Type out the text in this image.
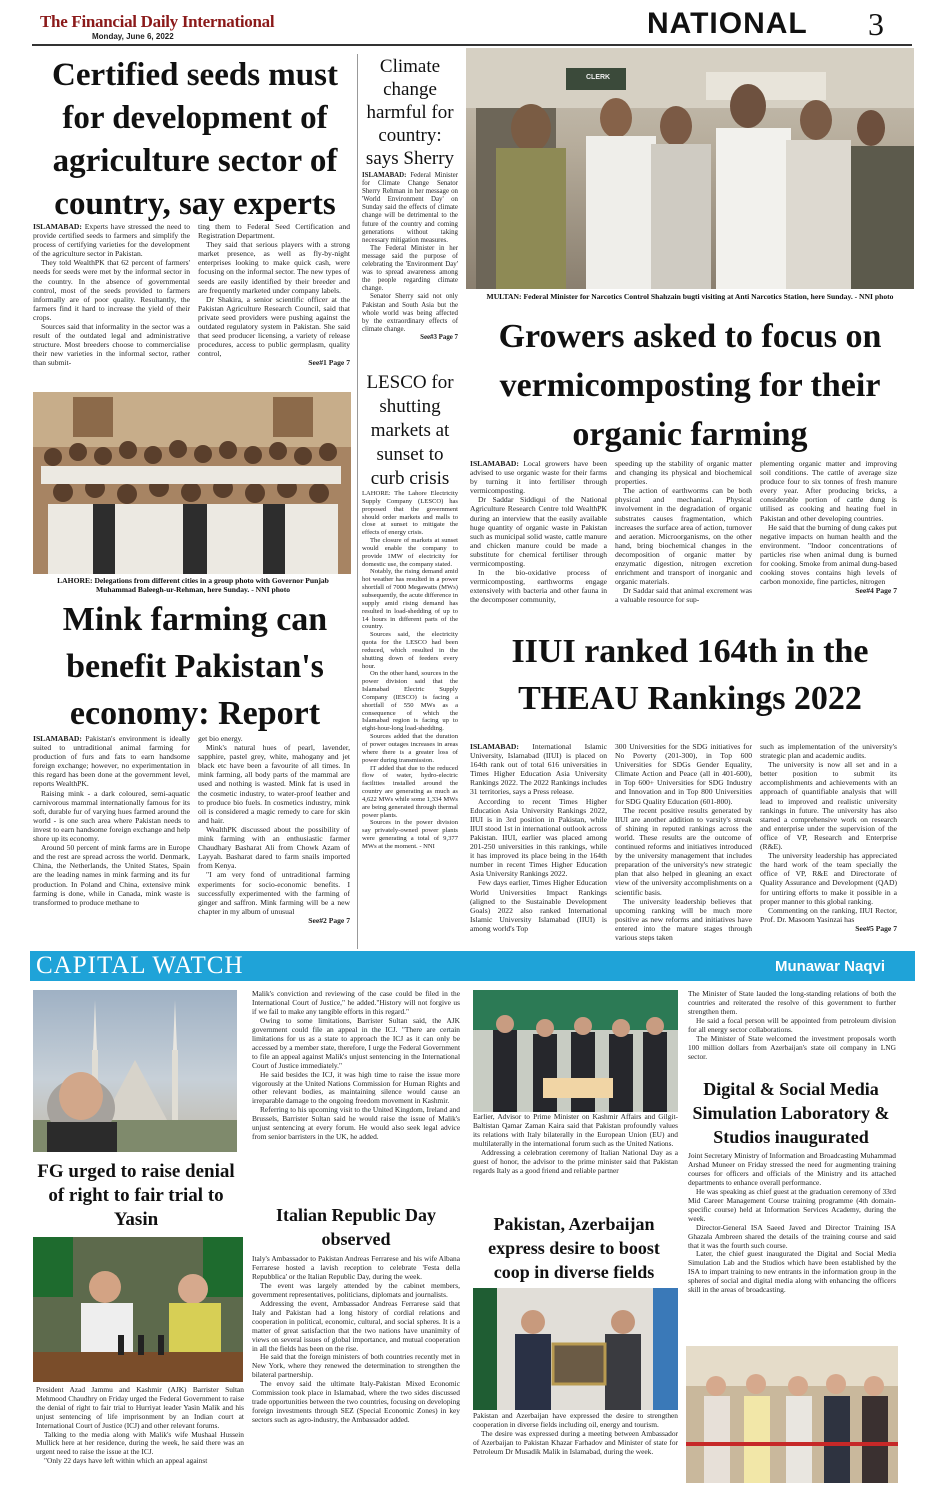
The Financial Daily International
Monday, June 6, 2022	NATIONAL 3
Certified seeds must for development of agriculture sector of country, say experts

ISLAMABAD: Experts have stressed the need to provide certified seeds to farmers and simplify the process of certifying varieties for the development of the agriculture sector in Pakistan.

They told WealthPK that 62 percent of farmers' needs for seeds were met by the informal sector in the country. In the absence of governmental control, most of the seeds provided to farmers informally are of poor quality. Resultantly, the farmers find it hard to increase the yield of their crops.

Sources said that informality in the sector was a result of the outdated legal and administrative structure. Most breeders choose to commercialise their new varieties in the informal sector, rather than submit-

ting them to Federal Seed Certification and Registration Department.

They said that serious players with a strong market presence, as well as fly-by-night enterprises looking to make quick cash, were focusing on the informal sector. The new types of seeds are easily identified by their breeder and are frequently marketed under company labels.

Dr Shakira, a senior scientific officer at the Pakistan Agriculture Research Council, said that private seed providers were pushing against the outdated regulatory system in Pakistan. She said that seed producer licensing, a variety of release procedures, access to public germplasm, quality control,

See#1 Page 7
Climate change harmful for country: says Sherry

ISLAMABAD: Federal Minister for Climate Change Senator Sherry Rehman in her message on 'World Environment Day' on Sunday said the effects of climate change will be detrimental to the future of the country and coming generations without taking necessary mitigation measures.

The Federal Minister in her message said the purpose of celebrating the 'Environment Day' was to spread awareness among the people regarding climate change.

Senator Sherry said not only Pakistan and South Asia but the whole world was being affected by the extraordinary effects of climate change.

See#3 Page 7
CLERK
MULTAN: Federal Minister for Narcotics Control Shahzain bugti visiting at Anti Narcotics Station, here Sunday. - NNI photo
Growers asked to focus on vermicomposting for their organic farming

ISLAMABAD: Local growers have been advised to use organic waste for their farms by turning it into fertiliser through vermicomposting.

Dr Saddar Siddiqui of the National Agriculture Research Centre told WealthPK during an interview that the easily available huge quantity of organic waste in Pakistan such as municipal solid waste, cattle manure and chicken manure could be made a substitute for chemical fertiliser through vermicomposting.

In the bio-oxidative process of vermicomposting, earthworms engage extensively with bacteria and other fauna in the decomposer community,

speeding up the stability of organic matter and changing its physical and biochemical properties.

The action of earthworms can be both physical and mechanical. Physical involvement in the degradation of organic substrates causes fragmentation, which increases the surface area of action, turnover and aeration. Microorganisms, on the other hand, bring biochemical changes in the decomposition of organic matter by enzymatic digestion, nitrogen excretion enrichment and transport of inorganic and organic materials.

Dr Saddar said that animal excrement was a valuable resource for sup-

plementing organic matter and improving soil conditions. The cattle of average size produce four to six tonnes of fresh manure every year. After producing bricks, a considerable portion of cattle dung is utilised as cooking and heating fuel in Pakistan and other developing countries.

He said that the burning of dung cakes put negative impacts on human health and the environment. "Indoor concentrations of particles rise when animal dung is burned for cooking. Smoke from animal dung-based cooking stoves contains high levels of carbon monoxide, fine particles, nitrogen

See#4 Page 7
LAHORE: Delegations from different cities in a group photo with Governor Punjab Muhammad Baleegh-ur-Rehman, here Sunday. - NNI photo
LESCO for shutting markets at sunset to curb crisis

LAHORE: The Lahore Electricity Supply Company (LESCO) has proposed that the government should order markets and malls to close at sunset to mitigate the effects of energy crisis.

The closure of markets at sunset would enable the company to provide 1MW of electricity for domestic use, the company stated.

Notably, the rising demand amid hot weather has resulted in a power shortfall of 7000 Megawatts (MWs) subsequently, the acute difference in supply amid rising demand has resulted in load-shedding of up to 14 hours in different parts of the country.

Sources said, the electricity quota for the LESCO had been reduced, which resulted in the shutting down of feeders every hour.

On the other hand, sources in the power division said that the Islamabad Electric Supply Company (IESCO) is facing a shortfall of 550 MWs as a consequence of which the Islamabad region is facing up to eight-hour-long load-shedding.

Sources added that the duration of power outages increases in areas where there is a greater loss of power during transmission.

IT added that due to the reduced flow of water, hydro-electric facilities installed around the country are generating as much as 4,622 MWs while some 1,334 MWs are being generated through thermal power plants.

Sources in the power division say privately-owned power plants were generating a total of 9,377 MWs at the moment. - NNI

Mink farming can benefit Pakistan's economy: Report

ISLAMABAD: Pakistan's environment is ideally suited to untraditional animal farming for production of furs and fats to earn handsome foreign exchange; however, no experimentation in this regard has been done at the government level, reports WealthPK.

Raising mink - a dark coloured, semi-aquatic carnivorous mammal internationally famous for its soft, durable fur of varying hues farmed around the world - is one such area where Pakistan needs to invest to earn handsome foreign exchange and help shore up its economy.

Around 50 percent of mink farms are in Europe and the rest are spread across the world. Denmark, China, the Netherlands, the United States, Spain are the leading names in mink farming and its fur production. In Poland and China, extensive mink farming is done, while in Canada, mink waste is transformed to produce methane to

get bio energy.

Mink's natural hues of pearl, lavender, sapphire, pastel grey, white, mahogany and jet black etc have been a favourite of all times. In mink farming, all body parts of the mammal are used and nothing is wasted. Mink fat is used in the cosmetic industry, to water-proof leather and to produce bio fuels. In cosmetics industry, mink oil is considered a magic remedy to care for skin and hair.

WealthPK discussed about the possibility of mink farming with an enthusiastic farmer Chaudhary Basharat Ali from Chowk Azam of Layyah. Basharat dared to farm snails imported from Kenya.

"I am very fond of untraditional farming experiments for socio-economic benefits. I successfully experimented with the farming of ginger and saffron. Mink farming will be a new chapter in my album of unusual

See#2 Page 7
IIUI ranked 164th in the THEAU Rankings 2022

ISLAMABAD: International Islamic University, Islamabad (IIUI) is placed on 164th rank out of total 616 universities in Times Higher Education Asia University Rankings 2022. The 2022 Rankings includes 31 territories, says a Press release.

According to recent Times Higher Education Asia University Rankings 2022, IIUI is in 3rd position in Pakistan, while IIUI stood 1st in international outlook across Pakistan. IIUI, earlier was placed among 201-250 universities in this rankings, while it has improved its place being in the 164th number in recent Times Higher Education Asia University Rankings 2022.

Few days earlier, Times Higher Education World Universities Impact Rankings (aligned to the Sustainable Development Goals) 2022 also ranked International Islamic University Islamabad (IIUI) is among world's Top

300 Universities for the SDG initiatives for No Poverty (201-300), in Top 600 Universities for SDGs Gender Equality, Climate Action and Peace (all in 401-600), in Top 600+ Universities for SDG Industry and Innovation and in Top 800 Universities for SDG Quality Education (601-800).

The recent positive results generated by IIUI are another addition to varsity's streak of shining in reputed rankings across the world. These results are the outcome of continued reforms and initiatives introduced by the university management that includes preparation of the university's new strategic plan that also helped in gleaning an exact view of the university accomplishments on a scientific basis.

The university leadership believes that upcoming ranking will be much more positive as new reforms and initiatives have entered into the mature stages through various steps taken

such as implementation of the university's strategic plan and academic audits.

The university is now all set and in a better position to submit its accomplishments and achievements with an approach of quantifiable analysis that will lead to improved and realistic university rankings in future. The university has also started a comprehensive work on research and enterprise under the supervision of the office of VP, Research and Enterprise (R&E).

The university leadership has appreciated the hard work of the team specially the office of VP, R&E and Directorate of Quality Assurance and Development (QAD) for untiring efforts to make it possible in a proper manner to this global ranking.

Commenting on the ranking, IIUI Rector, Prof. Dr. Masoom Yasinzai has

See#5 Page 7
CAPITAL WATCH	Munawar Naqvi
FG urged to raise denial of right to fair trial to Yasin

President Azad Jammu and Kashmir (AJK) Barrister Sultan Mehmood Chaudhry on Friday urged the Federal Government to raise the denial of right to fair trial to Hurriyat leader Yasin Malik and his unjust sentencing of life imprisonment by an Indian court at International Court of Justice (ICJ) and other relevant forums.

Talking to the media along with Malik's wife Mushaal Hussein Mullick here at her residence, during the week, he said there was an urgent need to raise the issue at the ICJ.

"Only 22 days have left within which an appeal against

Malik's conviction and reviewing of the case could be filed in the International Court of Justice," he added."History will not forgive us if we fail to make any tangible efforts in this regard."

Owing to some limitations, Barrister Sultan said, the AJK government could file an appeal in the ICJ. "There are certain limitations for us as a state to approach the ICJ as it can only be accessed by a member state, therefore, I urge the Federal Government to file an appeal against Malik's unjust sentencing in the International Court of Justice immediately."

He said besides the ICJ, it was high time to raise the issue more vigorously at the United Nations Commission for Human Rights and other relevant bodies, as maintaining silence would cause an irreparable damage to the ongoing freedom movement in Kashmir.

Referring to his upcoming visit to the United Kingdom, Ireland and Brussels, Barrister Sultan said he would raise the issue of Malik's unjust sentencing at every forum. He would also seek legal advice from senior barristers in the UK, he added.

Italian Republic Day observed

Italy's Ambassador to Pakistan Andreas Ferrarese and his wife Albana Ferrarese hosted a lavish reception to celebrate 'Festa della Repubblica' or the Italian Republic Day, during the week.

The event was largely attended by the cabinet members, government representatives, politicians, diplomats and journalists.

Addressing the event, Ambassador Andreas Ferrarese said that Italy and Pakistan had a long history of cordial relations and cooperation in political, economic, cultural, and social spheres. It is a matter of great satisfaction that the two nations have unanimity of views on several issues of global importance, and mutual cooperation in all the fields has been on the rise.

He said that the foreign ministers of both countries recently met in New York, where they renewed the determination to strengthen the bilateral partnership.

The envoy said the ultimate Italy-Pakistan Mixed Economic Commission took place in Islamabad, where the two sides discussed trade opportunities between the two countries, focusing on developing foreign investments through SEZ (Special Economic Zones) in key sectors such as agro-industry, the Ambassador added.

Earlier, Advisor to Prime Minister on Kashmir Affairs and Gilgit-Baltistan Qamar Zaman Kaira said that Pakistan profoundly values its relations with Italy bilaterally in the European Union (EU) and multilaterally in the international forum such as the United Nations.

Addressing a celebration ceremony of Italian National Day as a guest of honor, the advisor to the prime minister said that Pakistan regards Italy as a good friend and reliable partner

Pakistan, Azerbaijan express desire to boost coop in diverse fields

Pakistan and Azerbaijan have expressed the desire to strengthen cooperation in diverse fields including oil, energy and tourism.

The desire was expressed during a meeting between Ambassador of Azerbaijan to Pakistan Khazar Farhadov and Minister of state for Petroleum Dr Musadik Malik in Islamabad, during the week.

The Minister of State lauded the long-standing relations of both the countries and reiterated the resolve of this government to further strengthen them.

He said a focal person will be appointed from petroleum division for all energy sector collaborations.

The Minister of State welcomed the investment proposals worth 100 million dollars from Azerbaijan's state oil company in LNG sector.

Digital & Social Media Simulation Laboratory & Studios inaugurated

Joint Secretary Ministry of Information and Broadcasting Muhammad Arshad Muneer on Friday stressed the need for augmenting training courses for officers and officials of the Ministry and its attached departments to enhance overall performance.

He was speaking as chief guest at the graduation ceremony of 33rd Mid Career Management Course training programme (4th domain-specific course) held at Information Services Academy, during the week.

Director-General ISA Saeed Javed and Director Training ISA Ghazala Ambreen shared the details of the training course and said that it was the fourth such course.

Later, the chief guest inaugurated the Digital and Social Media Simulation Lab and the Studios which have been established by the ISA to impart training to new entrants in the information group in the spheres of social and digital media along with enhancing the officers skill in the areas of broadcasting.
